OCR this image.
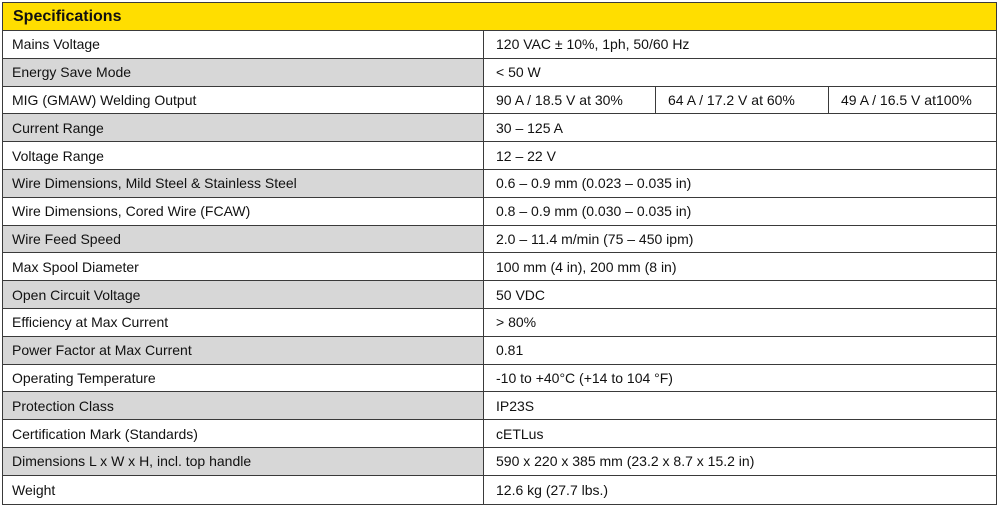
Specifications
Mains Voltage	120 VAC ± 10%, 1ph, 50/60 Hz
Energy Save Mode	< 50 W
MIG (GMAW) Welding Output	90 A / 18.5 V at 30%	64 A / 17.2 V at 60%	49 A / 16.5 V at100%
Current Range	30 – 125 A
Voltage Range	12 – 22 V
Wire Dimensions, Mild Steel & Stainless Steel	0.6 – 0.9 mm (0.023 – 0.035 in)
Wire Dimensions, Cored Wire (FCAW)	0.8 – 0.9 mm (0.030 – 0.035 in)
Wire Feed Speed	2.0 – 11.4 m/min (75 – 450 ipm)
Max Spool Diameter	100 mm (4 in), 200 mm (8 in)
Open Circuit Voltage	50 VDC
Efficiency at Max Current	> 80%
Power Factor at Max Current	0.81
Operating Temperature	-10 to +40°C (+14 to 104 °F)
Protection Class	IP23S
Certification Mark (Standards)	cETLus
Dimensions L x W x H, incl. top handle	590 x 220 x 385 mm (23.2 x 8.7 x 15.2 in)
Weight	12.6 kg (27.7 lbs.)
